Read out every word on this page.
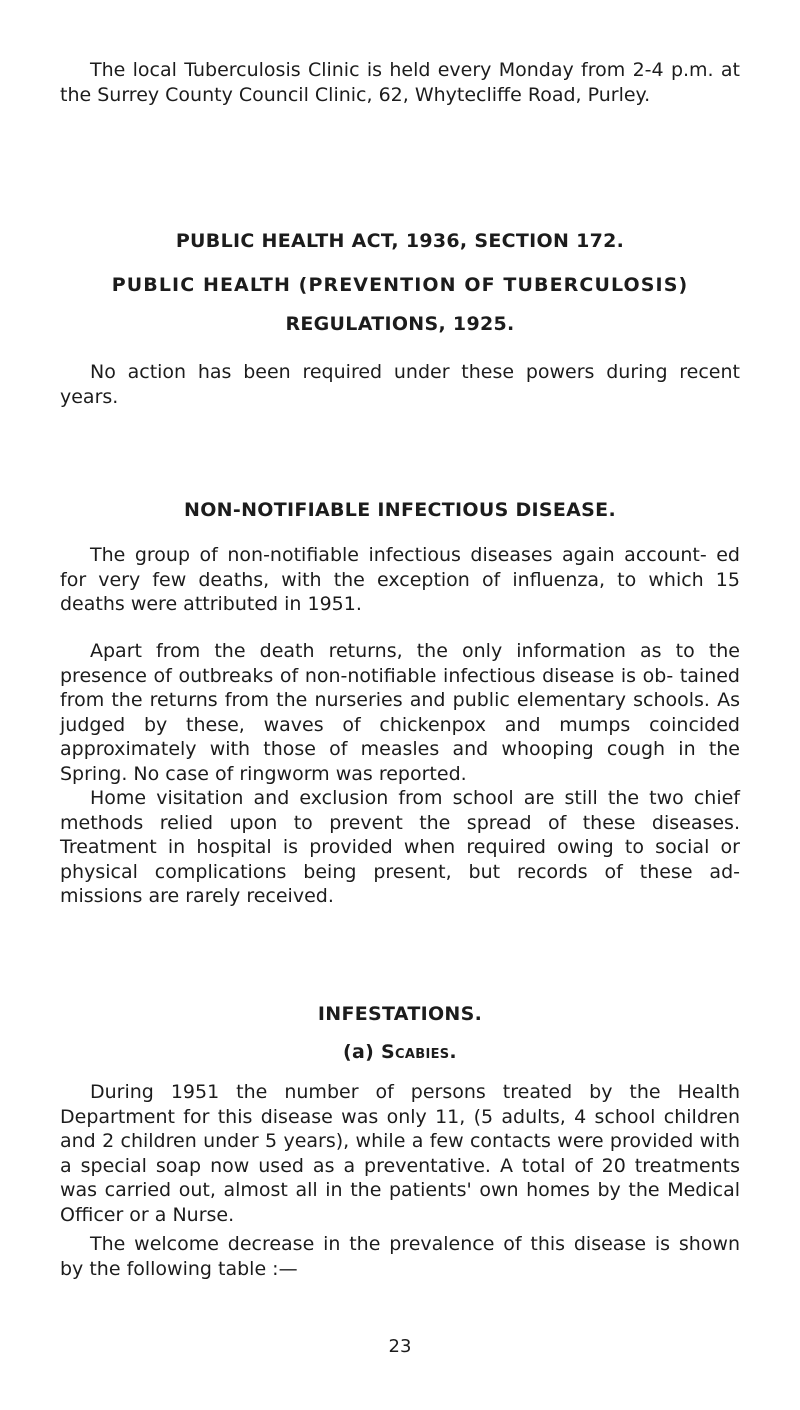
The local Tuberculosis Clinic is held every Monday from 2-4 p.m. at the Surrey County Council Clinic, 62, Whytecliffe Road, Purley.

PUBLIC HEALTH ACT, 1936, SECTION 172.
PUBLIC HEALTH (PREVENTION OF TUBERCULOSIS)
REGULATIONS, 1925.

No action has been required under these powers during recent years.

NON-NOTIFIABLE INFECTIOUS DISEASE.

The group of non-notifiable infectious diseases again account- ed for very few deaths, with the exception of influenza, to which 15 deaths were attributed in 1951.

Apart from the death returns, the only information as to the presence of outbreaks of non-notifiable infectious disease is ob- tained from the returns from the nurseries and public elementary schools. As judged by these, waves of chickenpox and mumps coincided approximately with those of measles and whooping cough in the Spring. No case of ringworm was reported.

Home visitation and exclusion from school are still the two chief methods relied upon to prevent the spread of these diseases. Treatment in hospital is provided when required owing to social or physical complications being present, but records of these ad- missions are rarely received.

INFESTATIONS.
(a) Scabies.

During 1951 the number of persons treated by the Health Department for this disease was only 11, (5 adults, 4 school children and 2 children under 5 years), while a few contacts were provided with a special soap now used as a preventative. A total of 20 treatments was carried out, almost all in the patients' own homes by the Medical Officer or a Nurse.

The welcome decrease in the prevalence of this disease is shown by the following table :—

23
